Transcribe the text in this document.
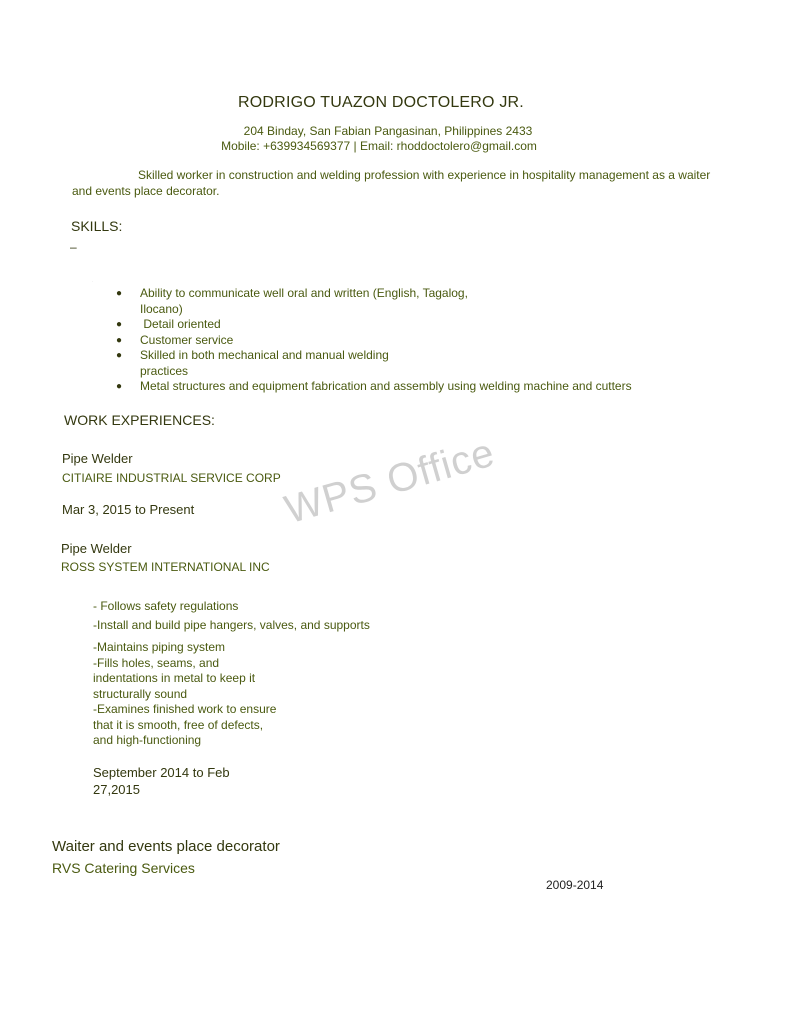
RODRIGO TUAZON DOCTOLERO JR.
204 Binday, San Fabian Pangasinan, Philippines 2433
Mobile: +639934569377 | Email: rhoddoctolero@gmail.com
Skilled worker in construction and welding profession with experience in hospitality management as a waiter and events place decorator.
SKILLS:
–
.
● Ability to communicate well oral and written (English, Tagalog, Ilocano)
● Detail oriented
● Customer service
● Skilled in both mechanical and manual welding practices
● Metal structures and equipment fabrication and assembly using welding machine and cutters
WORK EXPERIENCES:
Pipe Welder
CITIAIRE INDUSTRIAL SERVICE CORP
Mar 3, 2015 to Present
Pipe Welder
ROSS SYSTEM INTERNATIONAL INC
- Follows safety regulations
-Install and build pipe hangers, valves, and supports
-Maintains piping system
-Fills holes, seams, and indentations in metal to keep it structurally sound
-Examines finished work to ensure that it is smooth, free of defects, and high-functioning
September 2014 to Feb 27,2015
Waiter and events place decorator
RVS Catering Services
2009-2014
WPS Office
